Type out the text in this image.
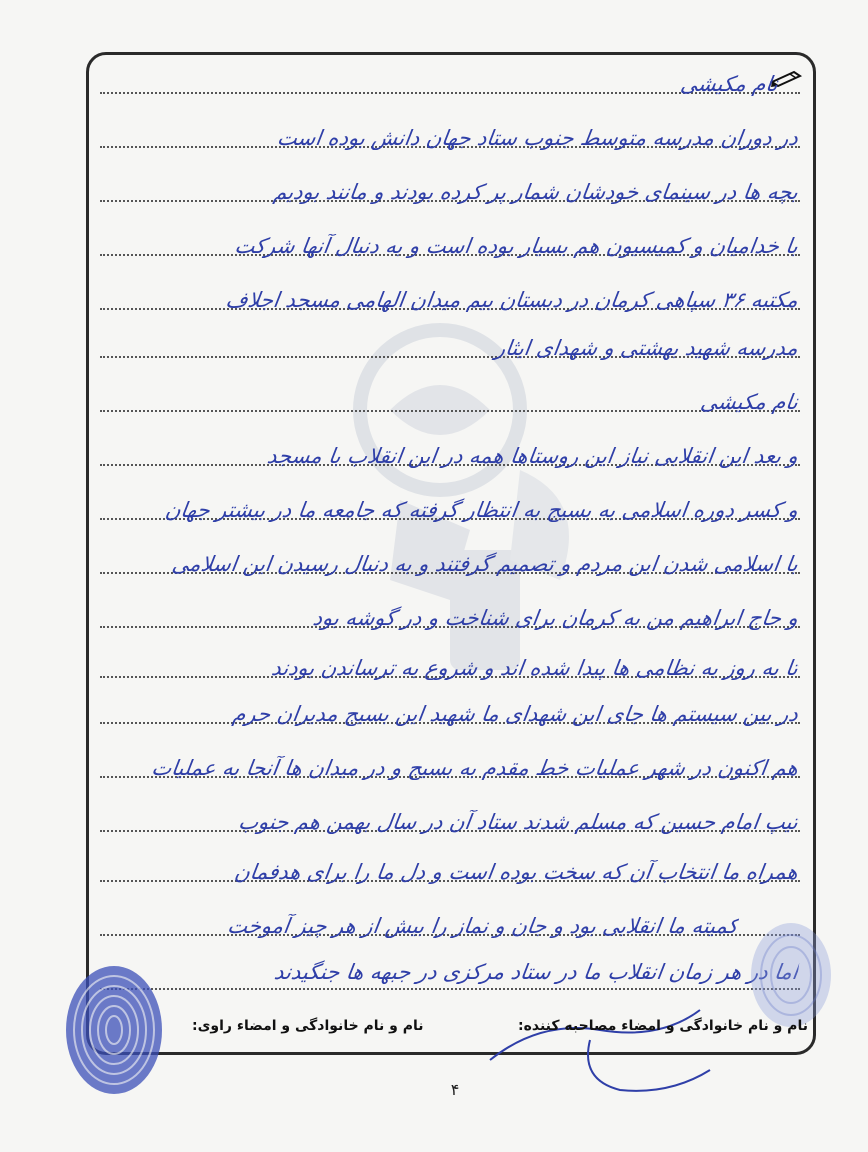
نام مکیشی
در دوران مدرسه متوسط جنوب ستاد جهان دانش بوده است
بچه ها در سینمای خودشان شمار پر کرده بودند و مانند بودیم
با خدامیان و کمیسیون هم بسیار بوده است و به دنبال آنها شرکت
مکتبه ۳۶ سپاهی کرمان در دبستان بیم میدان الهامی مسجد اجلاف
مدرسه شهید بهشتی و شهدای ایثار
نام مکیشی
و بعد این انقلابی نیاز این روستاها همه در این انقلاب با مسجد
و کسر دوره اسلامی به بسیج به انتظار گرفته که جامعه ما در بیشتر جهان
با اسلامی شدن این مردم و تصمیم گرفتند و به دنبال رسیدن این اسلامی
و حاج ابراهیم من به کرمان برای شناخت و در گوشه بود
تا به روز به نظامی ها پیدا شده اند و شروع به ترساندن بودند
در بین سیستم ها جای این شهدای ما شهید این بسیج مدیران حرم
هم اکنون در شهر عملیات خط مقدم به بسیج و در میدان ها آنجا به عملیات
تیپ امام حسین که مسلم شدند ستاد آن در سال بهمن هم جنوب
همراه ما انتخاب آن که سخت بوده است و دل ما را برای هدفمان
کمیته ما انقلابی بود و جان و نماز را بیش از هر چیز آموخت
اما در هر زمان انقلاب ما در ستاد مرکزی در جبهه ها جنگیدند
نام و نام خانوادگی و امضاء مصاحبه کننده:
نام و نام خانوادگی و امضاء راوی:
۴
